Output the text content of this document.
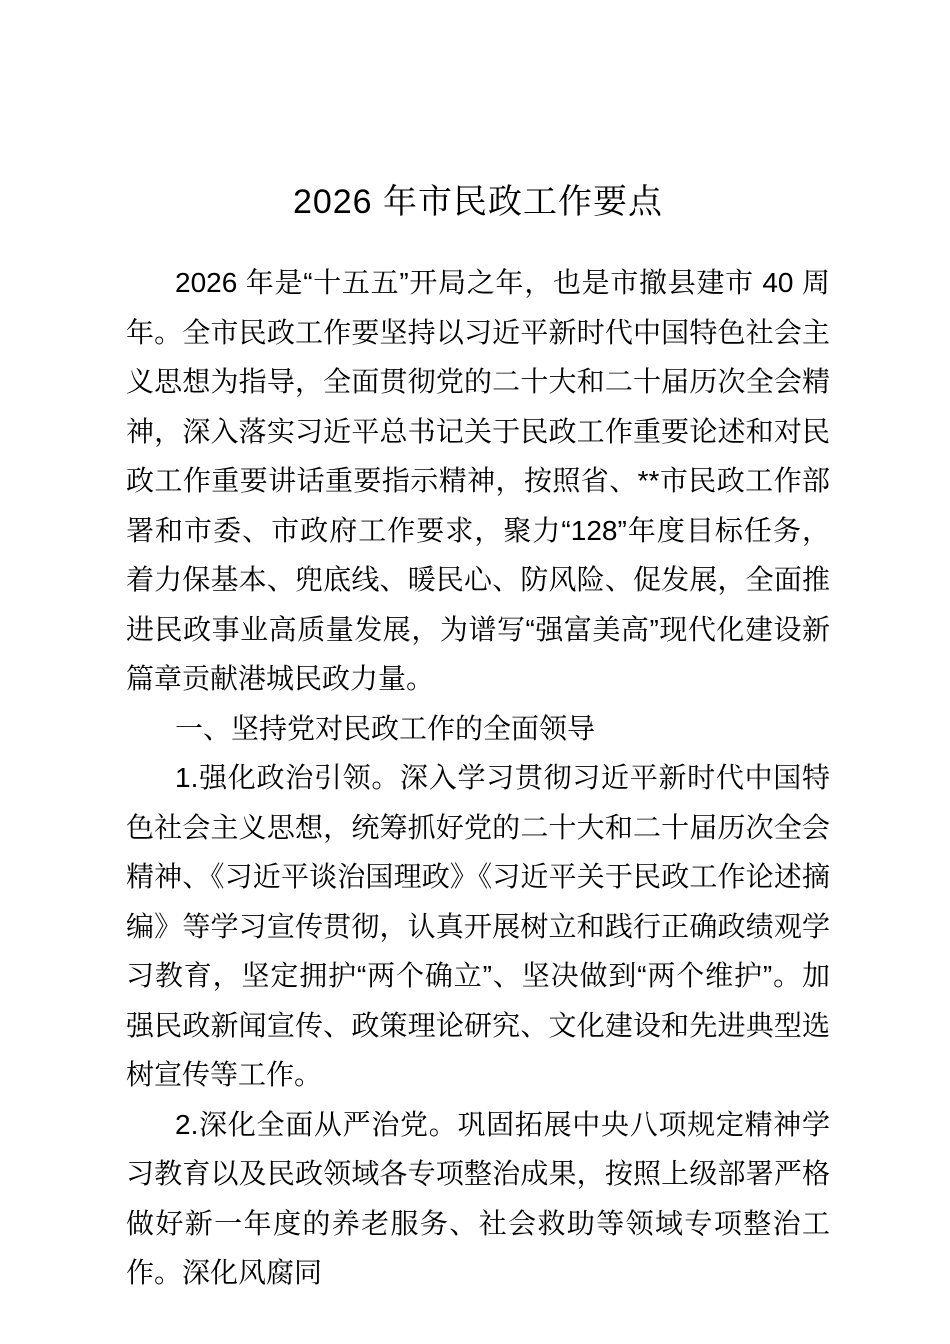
2026 年市民政工作要点

2026 年是“十五五”开局之年，也是市撤县建市 40 周年。全市民政工作要坚持以习近平新时代中国特色社会主义思想为指导，全面贯彻党的二十大和二十届历次全会精神，深入落实习近平总书记关于民政工作重要论述和对民政工作重要讲话重要指示精神，按照省、**市民政工作部署和市委、市政府工作要求，聚力“128”年度目标任务，着力保基本、兜底线、暖民心、防风险、促发展，全面推进民政事业高质量发展，为谱写“强富美高”现代化建设新篇章贡献港城民政力量。

一、坚持党对民政工作的全面领导

1.强化政治引领。深入学习贯彻习近平新时代中国特色社会主义思想，统筹抓好党的二十大和二十届历次全会精神、《习近平谈治国理政》《习近平关于民政工作论述摘编》等学习宣传贯彻，认真开展树立和践行正确政绩观学习教育，坚定拥护“两个确立”、坚决做到“两个维护”。加强民政新闻宣传、政策理论研究、文化建设和先进典型选树宣传等工作。

2.深化全面从严治党。巩固拓展中央八项规定精神学习教育以及民政领域各专项整治成果，按照上级部署严格做好新一年度的养老服务、社会救助等领域专项整治工作。深化风腐同
